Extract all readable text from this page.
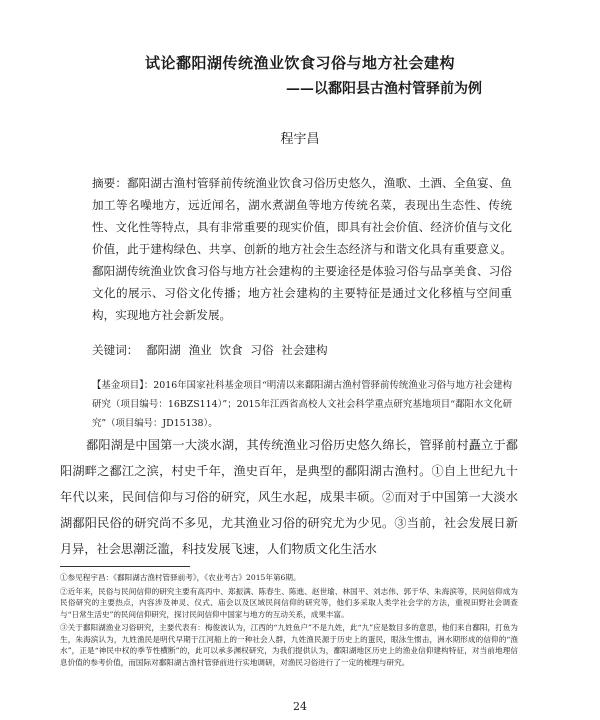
试论鄱阳湖传统渔业饮食习俗与地方社会建构
——以鄱阳县古渔村管驿前为例
程宇昌
摘要：鄱阳湖古渔村管驿前传统渔业饮食习俗历史悠久，渔歌、土酒、全鱼宴、鱼加工等名噪地方，远近闻名，湖水煮湖鱼等地方传统名菜，表现出生态性、传统性、文化性等特点，具有非常重要的现实价值，即具有社会价值、经济价值与文化价值，此于建构绿色、共享、创新的地方社会生态经济与和谐文化具有重要意义。鄱阳湖传统渔业饮食习俗与地方社会建构的主要途径是体验习俗与品享美食、习俗文化的展示、习俗文化传播；地方社会建构的主要特征是通过文化移植与空间重构，实现地方社会新发展。
关键词： 鄱阳湖 渔业 饮食 习俗 社会建构
【基金项目】：2016年国家社科基金项目“明清以来鄱阳湖古渔村管驿前传统渔业习俗与地方社会建构研究（项目编号：16BZS114）”；2015年江西省高校人文社会科学重点研究基地项目“鄱阳水文化研究”（项目编号：JD15138）。
鄱阳湖是中国第一大淡水湖，其传统渔业习俗历史悠久绵长，管驿前村矗立于鄱阳湖畔之鄱江之滨，村史千年，渔史百年，是典型的鄱阳湖古渔村。①自上世纪九十年代以来，民间信仰与习俗的研究，风生水起，成果丰硕。②而对于中国第一大淡水湖鄱阳民俗的研究尚不多见，尤其渔业习俗的研究尤为少见。③当前，社会发展日新月异，社会思潮泛滥，科技发展飞速，人们物质文化生活水

①参见程宇昌：《鄱阳湖古渔村管驿前考》，《农业考古》2015年第6期。

②近年来，民俗与民间信仰的研究主要有高丙中、郑振满、陈春生、陈進、赵世瑜、林国平、刘志伟、郭于华、朱海滨等，民间信仰成为民俗研究的主要热点，内容涉及神灵、仪式、庙会以及区域民间信仰的研究等，他们多采取人类学社会学的方法，重视田野社会调查与“日常生活史”的民间信仰研究，探讨民间信仰中国家与地方的互动关系，成果丰富。

③关于鄱阳湖渔业习俗研究，主要代表有：梅俊波认为，江西的“九姓鱼户”不是九姓，此“九”应是数目多的意思，他们来自鄱阳，打鱼为生，朱海滨认为，九姓渔民是明代早期于江河船上的一种社会人群，九姓渔民源于历史上的蛋民，眼泳生惯击，洲水期形成的信仰的“渔水”，正是“神民中权的季节性横断”的，此可以承多渊权研究，为我们提供认为，鄱阳湖地区历史上的渔业信仰建构特征，对当前地理信息价值的参考价值，而国际对鄱阳湖古渔村管驿前进行实地调研，对渔民习俗进行了一定的梳理与研究。

24
